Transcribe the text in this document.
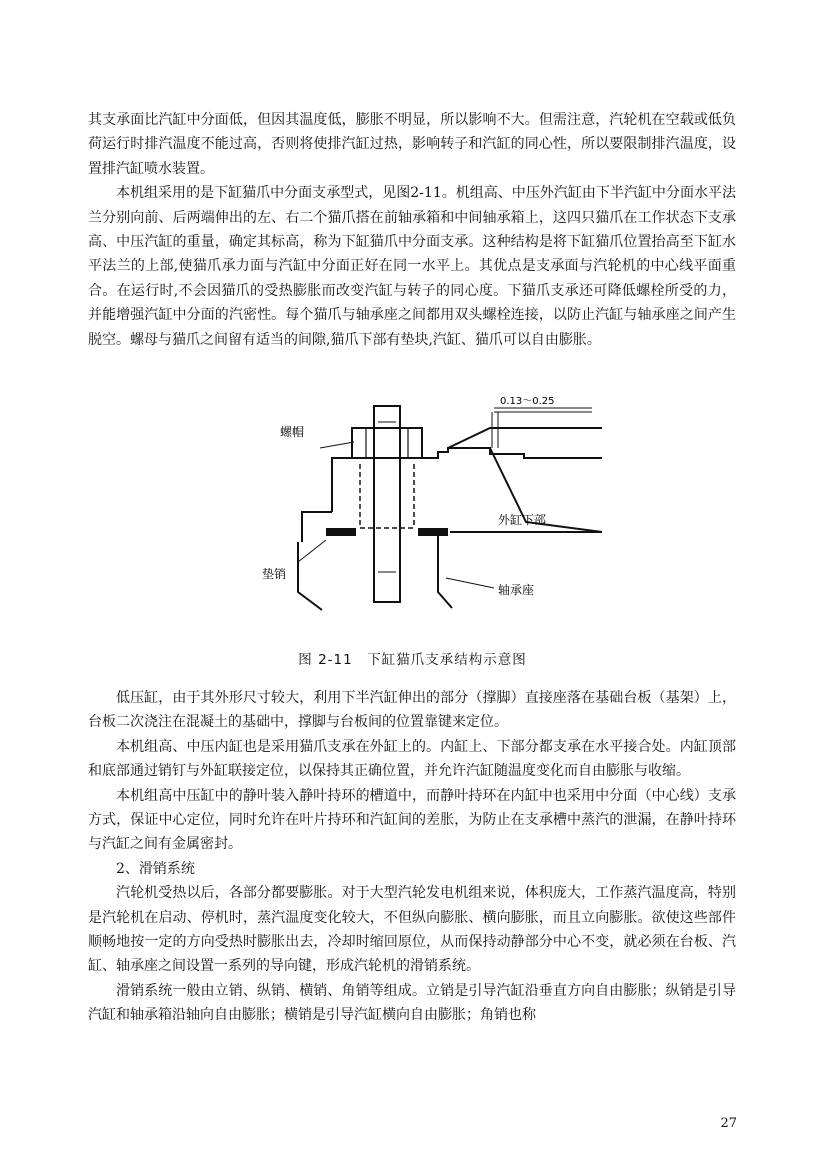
其支承面比汽缸中分面低，但因其温度低，膨胀不明显，所以影响不大。但需注意，汽轮机在空载或低负荷运行时排汽温度不能过高，否则将使排汽缸过热，影响转子和汽缸的同心性，所以要限制排汽温度，设置排汽缸喷水装置。

本机组采用的是下缸猫爪中分面支承型式，见图2-11。机组高、中压外汽缸由下半汽缸中分面水平法兰分别向前、后两端伸出的左、右二个猫爪搭在前轴承箱和中间轴承箱上，这四只猫爪在工作状态下支承高、中压汽缸的重量，确定其标高，称为下缸猫爪中分面支承。这种结构是将下缸猫爪位置抬高至下缸水平法兰的上部,使猫爪承力面与汽缸中分面正好在同一水平上。其优点是支承面与汽轮机的中心线平面重合。在运行时,不会因猫爪的受热膨胀而改变汽缸与转子的同心度。下猫爪支承还可降低螺栓所受的力，并能增强汽缸中分面的汽密性。每个猫爪与轴承座之间都用双头螺栓连接，以防止汽缸与轴承座之间产生脱空。螺母与猫爪之间留有适当的间隙,猫爪下部有垫块,汽缸、猫爪可以自由膨胀。

螺帽
垫销
外缸下部
轴承座
0.13～0.25
图 2-11　下缸猫爪支承结构示意图

低压缸，由于其外形尺寸较大，利用下半汽缸伸出的部分（撑脚）直接座落在基础台板（基架）上，台板二次浇注在混凝土的基础中，撑脚与台板间的位置靠键来定位。

本机组高、中压内缸也是采用猫爪支承在外缸上的。内缸上、下部分都支承在水平接合处。内缸顶部和底部通过销钉与外缸联接定位，以保持其正确位置，并允许汽缸随温度变化而自由膨胀与收缩。

本机组高中压缸中的静叶装入静叶持环的槽道中，而静叶持环在内缸中也采用中分面（中心线）支承方式，保证中心定位，同时允许在叶片持环和汽缸间的差胀，为防止在支承槽中蒸汽的泄漏，在静叶持环与汽缸之间有金属密封。

2、滑销系统

汽轮机受热以后，各部分都要膨胀。对于大型汽轮发电机组来说，体积庞大，工作蒸汽温度高，特别是汽轮机在启动、停机时，蒸汽温度变化较大，不但纵向膨胀、横向膨胀，而且立向膨胀。欲使这些部件顺畅地按一定的方向受热时膨胀出去，冷却时缩回原位，从而保持动静部分中心不变，就必须在台板、汽缸、轴承座之间设置一系列的导向键，形成汽轮机的滑销系统。

滑销系统一般由立销、纵销、横销、角销等组成。立销是引导汽缸沿垂直方向自由膨胀；纵销是引导汽缸和轴承箱沿轴向自由膨胀；横销是引导汽缸横向自由膨胀；角销也称

27
